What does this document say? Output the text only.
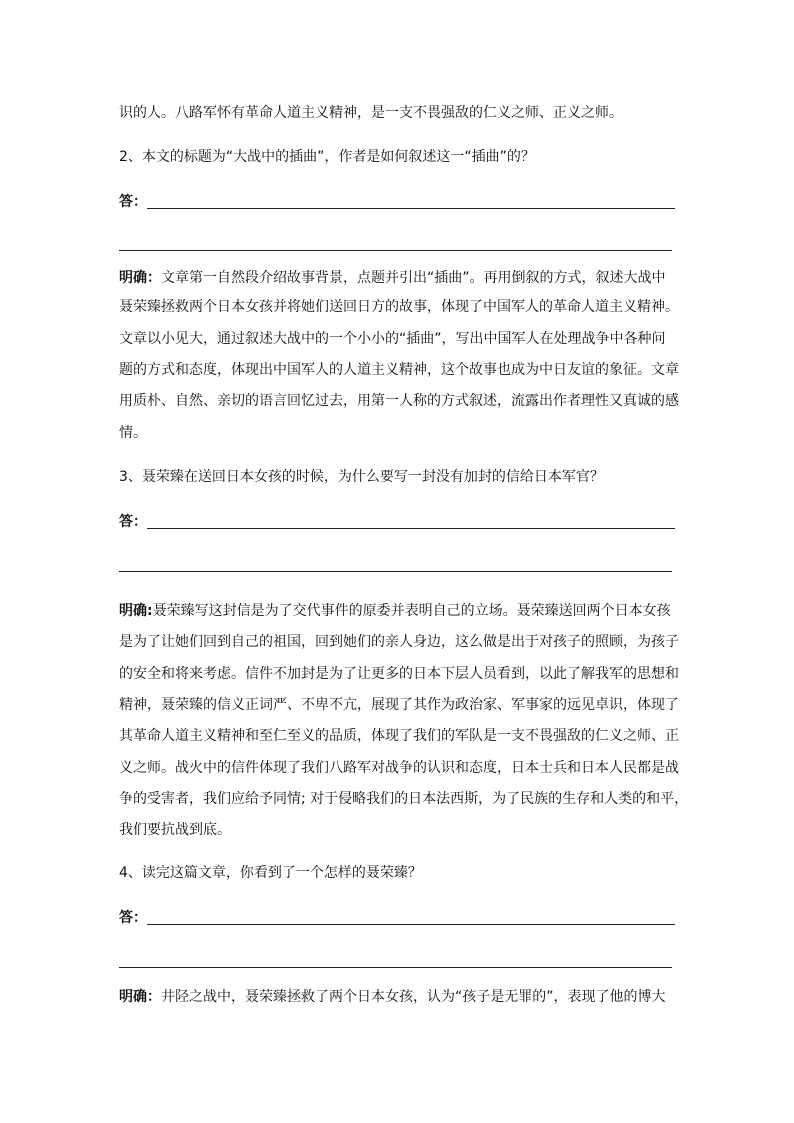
识的人。八路军怀有革命人道主义精神，是一支不畏强敌的仁义之师、正义之师。
2、本文的标题为“大战中的插曲”，作者是如何叙述这一“插曲”的？
答：
明确：文章第一自然段介绍故事背景，点题并引出“插曲”。再用倒叙的方式，叙述大战中
聂荣臻拯救两个日本女孩并将她们送回日方的故事，体现了中国军人的革命人道主义精神。
文章以小见大，通过叙述大战中的一个小小的“插曲”，写出中国军人在处理战争中各种问
题的方式和态度，体现出中国军人的人道主义精神，这个故事也成为中日友谊的象征。文章
用质朴、自然、亲切的语言回忆过去，用第一人称的方式叙述，流露出作者理性又真诚的感
情。
3、聂荣臻在送回日本女孩的时候，为什么要写一封没有加封的信给日本军官？
答：
明确:聂荣臻写这封信是为了交代事件的原委并表明自己的立场。聂荣臻送回两个日本女孩
是为了让她们回到自己的祖国，回到她们的亲人身边，这么做是出于对孩子的照顾，为孩子
的安全和将来考虑。信件不加封是为了让更多的日本下层人员看到，以此了解我军的思想和
精神，聂荣臻的信义正词严、不卑不亢，展现了其作为政治家、军事家的远见卓识，体现了
其革命人道主义精神和至仁至义的品质，体现了我们的军队是一支不畏强敌的仁义之师、正
义之师。战火中的信件体现了我们八路军对战争的认识和态度，日本士兵和日本人民都是战
争的受害者，我们应给予同情; 对于侵略我们的日本法西斯，为了民族的生存和人类的和平，
我们要抗战到底。
4、读完这篇文章，你看到了一个怎样的聂荣臻？
答：
明确：井陉之战中，聂荣臻拯救了两个日本女孩，认为“孩子是无罪的”，表现了他的博大
